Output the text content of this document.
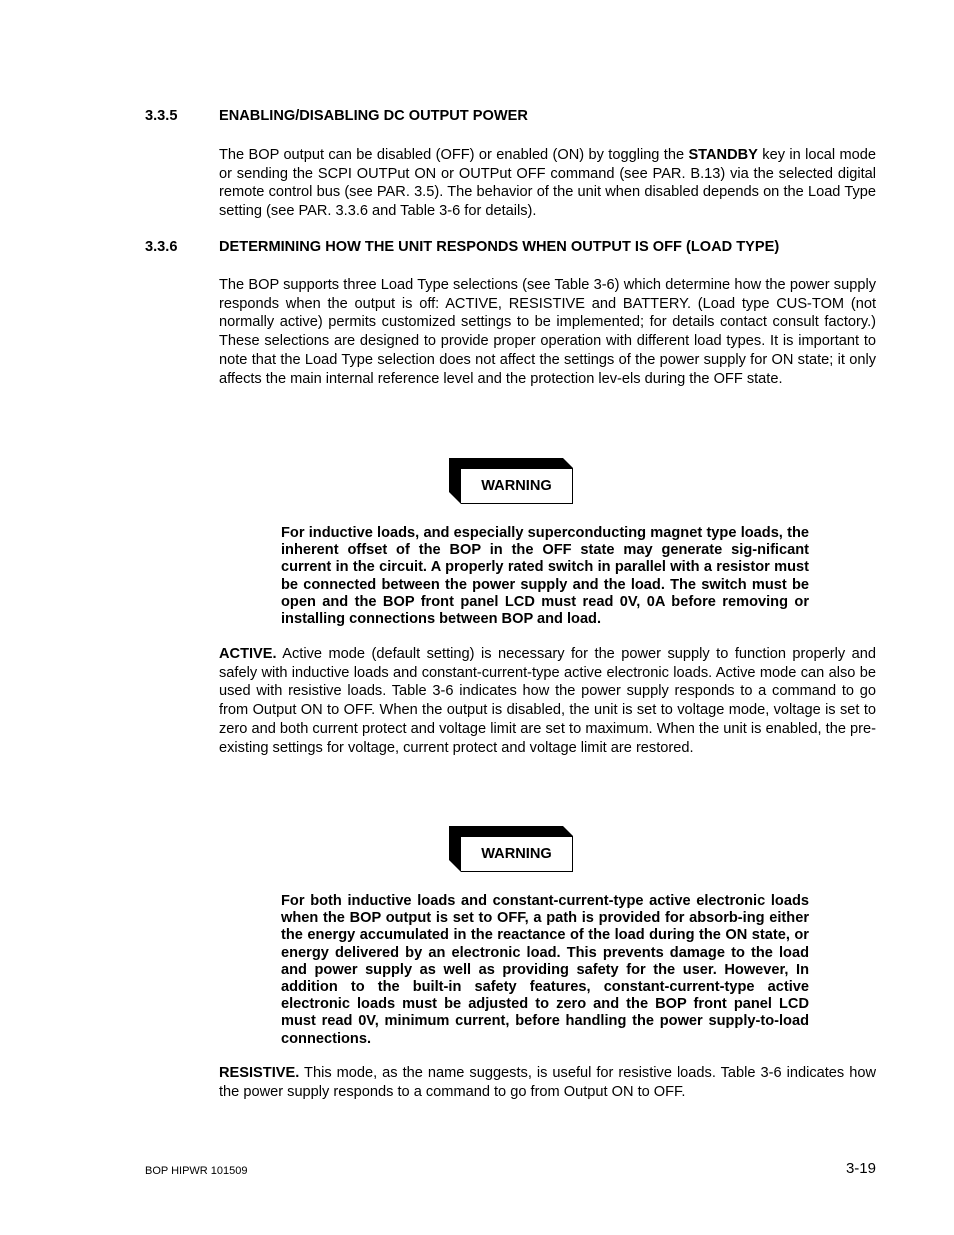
3.3.5	ENABLING/DISABLING DC OUTPUT POWER

The BOP output can be disabled (OFF) or enabled (ON) by toggling the STANDBY key in local mode or sending the SCPI OUTPut ON or OUTPut OFF command (see PAR. B.13) via the selected digital remote control bus (see PAR. 3.5). The behavior of the unit when disabled depends on the Load Type setting (see PAR. 3.3.6 and Table 3-6 for details).

3.3.6	DETERMINING HOW THE UNIT RESPONDS WHEN OUTPUT IS OFF (LOAD TYPE)

The BOP supports three Load Type selections (see Table 3-6) which determine how the power supply responds when the output is off: ACTIVE, RESISTIVE and BATTERY. (Load type CUS-TOM (not normally active) permits customized settings to be implemented; for details contact consult factory.) These selections are designed to provide proper operation with different load types. It is important to note that the Load Type selection does not affect the settings of the power supply for ON state; it only affects the main internal reference level and the protection lev-els during the OFF state.

WARNING

For inductive loads, and especially superconducting magnet type loads, the inherent offset of the BOP in the OFF state may generate sig-nificant current in the circuit. A properly rated switch in parallel with a resistor must be connected between the power supply and the load. The switch must be open and the BOP front panel LCD must read 0V, 0A before removing or installing connections between BOP and load.

ACTIVE. Active mode (default setting) is necessary for the power supply to function properly and safely with inductive loads and constant-current-type active electronic loads. Active mode can also be used with resistive loads. Table 3-6 indicates how the power supply responds to a command to go from Output ON to OFF. When the output is disabled, the unit is set to voltage mode, voltage is set to zero and both current protect and voltage limit are set to maximum. When the unit is enabled, the pre-existing settings for voltage, current protect and voltage limit are restored.

WARNING

For both inductive loads and constant-current-type active electronic loads when the BOP output is set to OFF, a path is provided for absorb-ing either the energy accumulated in the reactance of the load during the ON state, or energy delivered by an electronic load. This prevents damage to the load and power supply as well as providing safety for the user. However, In addition to the built-in safety features, constant-current-type active electronic loads must be adjusted to zero and the BOP front panel LCD must read 0V, minimum current, before handling the power supply-to-load connections.

RESISTIVE. This mode, as the name suggests, is useful for resistive loads. Table 3-6 indicates how the power supply responds to a command to go from Output ON to OFF.

BOP HIPWR 101509	3-19
